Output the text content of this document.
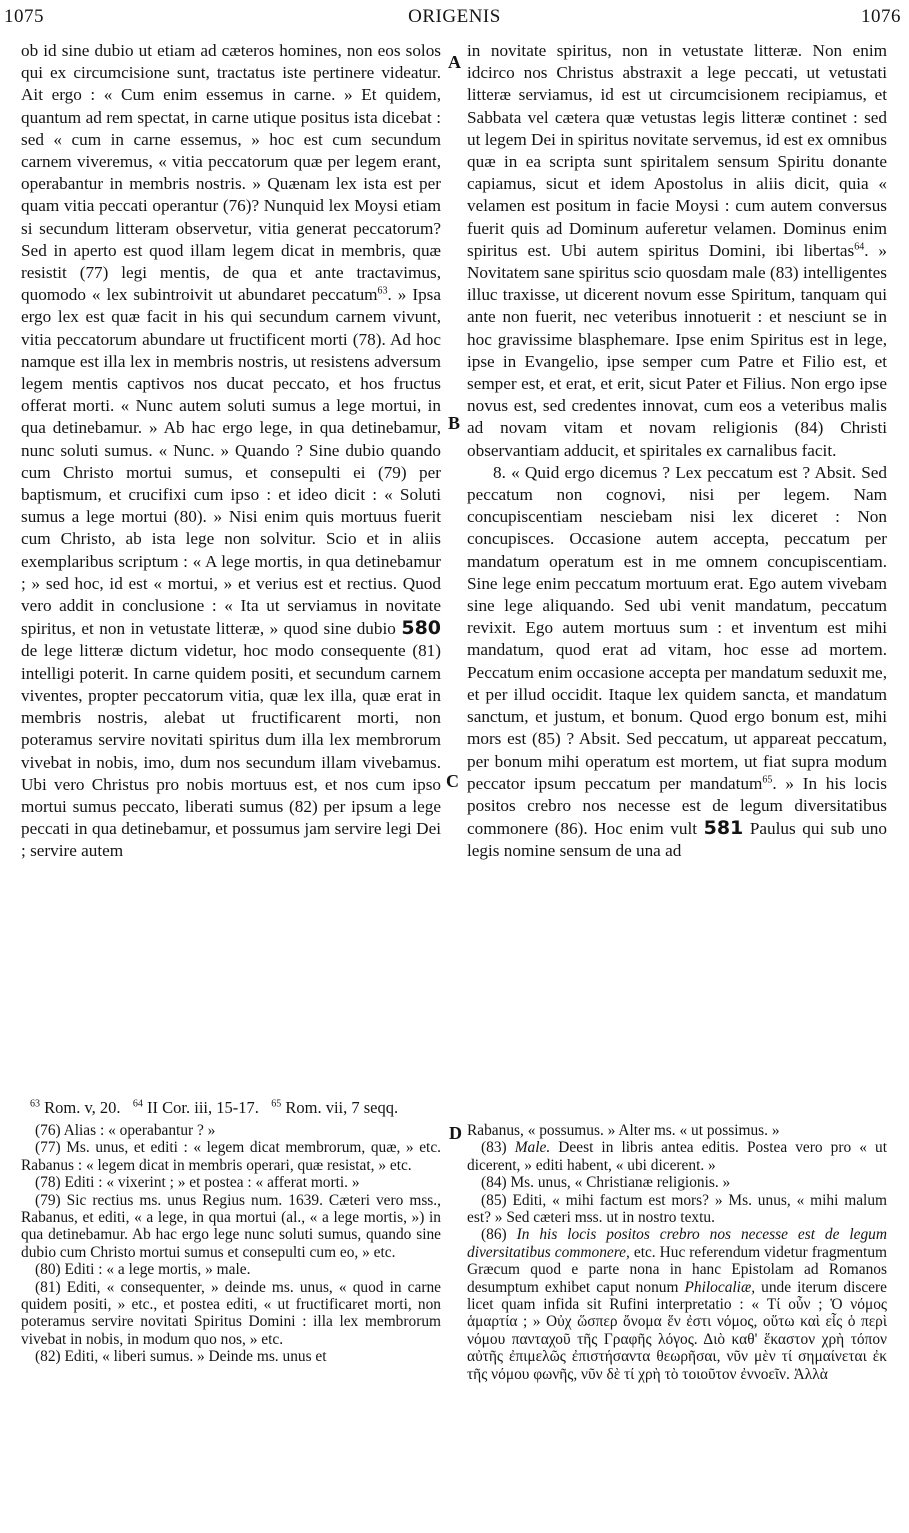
1075	ORIGENIS	1076
A
B
C
D

ob id sine dubio ut etiam ad cæteros homines, non eos solos qui ex circumcisione sunt, tractatus iste pertinere videatur. Ait ergo : « Cum enim essemus in carne. » Et quidem, quantum ad rem spectat, in carne utique positus ista dicebat : sed « cum in carne essemus, » hoc est cum secundum carnem viveremus, « vitia peccatorum quæ per legem erant, operabantur in membris nostris. » Quænam lex ista est per quam vitia peccati operantur (76)? Nunquid lex Moysi etiam si secundum litteram observetur, vitia generat peccatorum? Sed in aperto est quod illam legem dicat in membris, quæ resistit (77) legi mentis, de qua et ante tractavimus, quomodo « lex subintroivit ut abundaret peccatum$^{63}$. » Ipsa ergo lex est quæ facit in his qui secundum carnem vivunt, vitia peccatorum abundare ut fructificent morti (78). Ad hoc namque est illa lex in membris nostris, ut resistens adversum legem mentis captivos nos ducat peccato, et hos fructus offerat morti. « Nunc autem soluti sumus a lege mortui, in qua detinebamur. » Ab hac ergo lege, in qua detinebamur, nunc soluti sumus. « Nunc. » Quando ? Sine dubio quando cum Christo mortui sumus, et consepulti ei (79) per baptismum, et crucifixi cum ipso : et ideo dicit : « Soluti sumus a lege mortui (80). » Nisi enim quis mortuus fuerit cum Christo, ab ista lege non solvitur. Scio et in aliis exemplaribus scriptum : « A lege mortis, in qua detinebamur ; » sed hoc, id est « mortui, » et verius est et rectius. Quod vero addit in conclusione : « Ita ut serviamus in novitate spiritus, et non in vetustate litteræ, » quod sine dubio 580 de lege litteræ dictum videtur, hoc modo consequente (81) intelligi poterit. In carne quidem positi, et secundum carnem viventes, propter peccatorum vitia, quæ lex illa, quæ erat in membris nostris, alebat ut fructificarent morti, non poteramus servire novitati spiritus dum illa lex membrorum vivebat in nobis, imo, dum nos secundum illam vivebamus. Ubi vero Christus pro nobis mortuus est, et nos cum ipso mortui sumus peccato, liberati sumus (82) per ipsum a lege peccati in qua detinebamur, et possumus jam servire legi Dei ; servire autem

in novitate spiritus, non in vetustate litteræ. Non enim idcirco nos Christus abstraxit a lege peccati, ut vetustati litteræ serviamus, id est ut circumcisionem recipiamus, et Sabbata vel cætera quæ vetustas legis litteræ continet : sed ut legem Dei in spiritus novitate servemus, id est ex omnibus quæ in ea scripta sunt spiritalem sensum Spiritu donante capiamus, sicut et idem Apostolus in aliis dicit, quia « velamen est positum in facie Moysi : cum autem conversus fuerit quis ad Dominum auferetur velamen. Dominus enim spiritus est. Ubi autem spiritus Domini, ibi libertas$^{64}$. » Novitatem sane spiritus scio quosdam male (83) intelligentes illuc traxisse, ut dicerent novum esse Spiritum, tanquam qui ante non fuerit, nec veteribus innotuerit : et nesciunt se in hoc gravissime blasphemare. Ipse enim Spiritus est in lege, ipse in Evangelio, ipse semper cum Patre et Filio est, et semper est, et erat, et erit, sicut Pater et Filius. Non ergo ipse novus est, sed credentes innovat, cum eos a veteribus malis ad novam vitam et novam religionis (84) Christi observantiam adducit, et spiritales ex carnalibus facit.

8. « Quid ergo dicemus ? Lex peccatum est ? Absit. Sed peccatum non cognovi, nisi per legem. Nam concupiscentiam nesciebam nisi lex diceret : Non concupisces. Occasione autem accepta, peccatum per mandatum operatum est in me omnem concupiscentiam. Sine lege enim peccatum mortuum erat. Ego autem vivebam sine lege aliquando. Sed ubi venit mandatum, peccatum revixit. Ego autem mortuus sum : et inventum est mihi mandatum, quod erat ad vitam, hoc esse ad mortem. Peccatum enim occasione accepta per mandatum seduxit me, et per illud occidit. Itaque lex quidem sancta, et mandatum sanctum, et justum, et bonum. Quod ergo bonum est, mihi mors est (85) ? Absit. Sed peccatum, ut appareat peccatum, per bonum mihi operatum est mortem, ut fiat supra modum peccator ipsum peccatum per mandatum$^{65}$. » In his locis positos crebro nos necesse est de legum diversitatibus commonere (86). Hoc enim vult 581 Paulus qui sub uno legis nomine sensum de una ad

$^{63}$ Rom. v, 20. $^{64}$ II Cor. iii, 15-17. $^{65}$ Rom. vii, 7 seqq.

(76) Alias : « operabantur ? »

(77) Ms. unus, et editi : « legem dicat membrorum, quæ, » etc. Rabanus : « legem dicat in membris operari, quæ resistat, » etc.

(78) Editi : « vixerint ; » et postea : « afferat morti. »

(79) Sic rectius ms. unus Regius num. 1639. Cæteri vero mss., Rabanus, et editi, « a lege, in qua mortui (al., « a lege mortis, ») in qua detinebamur. Ab hac ergo lege nunc soluti sumus, quando sine dubio cum Christo mortui sumus et consepulti cum eo, » etc.

(80) Editi : « a lege mortis, » male.

(81) Editi, « consequenter, » deinde ms. unus, « quod in carne quidem positi, » etc., et postea editi, « ut fructificaret morti, non poteramus servire novitati Spiritus Domini : illa lex membrorum vivebat in nobis, in modum quo nos, » etc.

(82) Editi, « liberi sumus. » Deinde ms. unus et

Rabanus, « possumus. » Alter ms. « ut possimus. »

(83) Male. Deest in libris antea editis. Postea vero pro « ut dicerent, » editi habent, « ubi dicerent. »

(84) Ms. unus, « Christianæ religionis. »

(85) Editi, « mihi factum est mors? » Ms. unus, « mihi malum est? » Sed cæteri mss. ut in nostro textu.

(86) In his locis positos crebro nos necesse est de legum diversitatibus commonere, etc. Huc referendum videtur fragmentum Græcum quod e parte nona in hanc Epistolam ad Romanos desumptum exhibet caput nonum Philocaliæ, unde iterum discere licet quam infida sit Rufini interpretatio : « Τί οὖν ; Ὁ νόμος ἁμαρτία ; » Οὐχ ὥσπερ ὄνομα ἕν ἐστι νόμος, οὕτω καὶ εἷς ὁ περὶ νόμου πανταχοῦ τῆς Γραφῆς λόγος. Διὸ καθ' ἕκαστον χρὴ τόπον αὐτῆς ἐπιμελῶς ἐπιστήσαντα θεωρῆσαι, νῦν μὲν τί σημαίνεται ἐκ τῆς νόμου φωνῆς, νῦν δὲ τί χρὴ τὸ τοιοῦτον ἐννοεῖν. Ἀλλὰ
